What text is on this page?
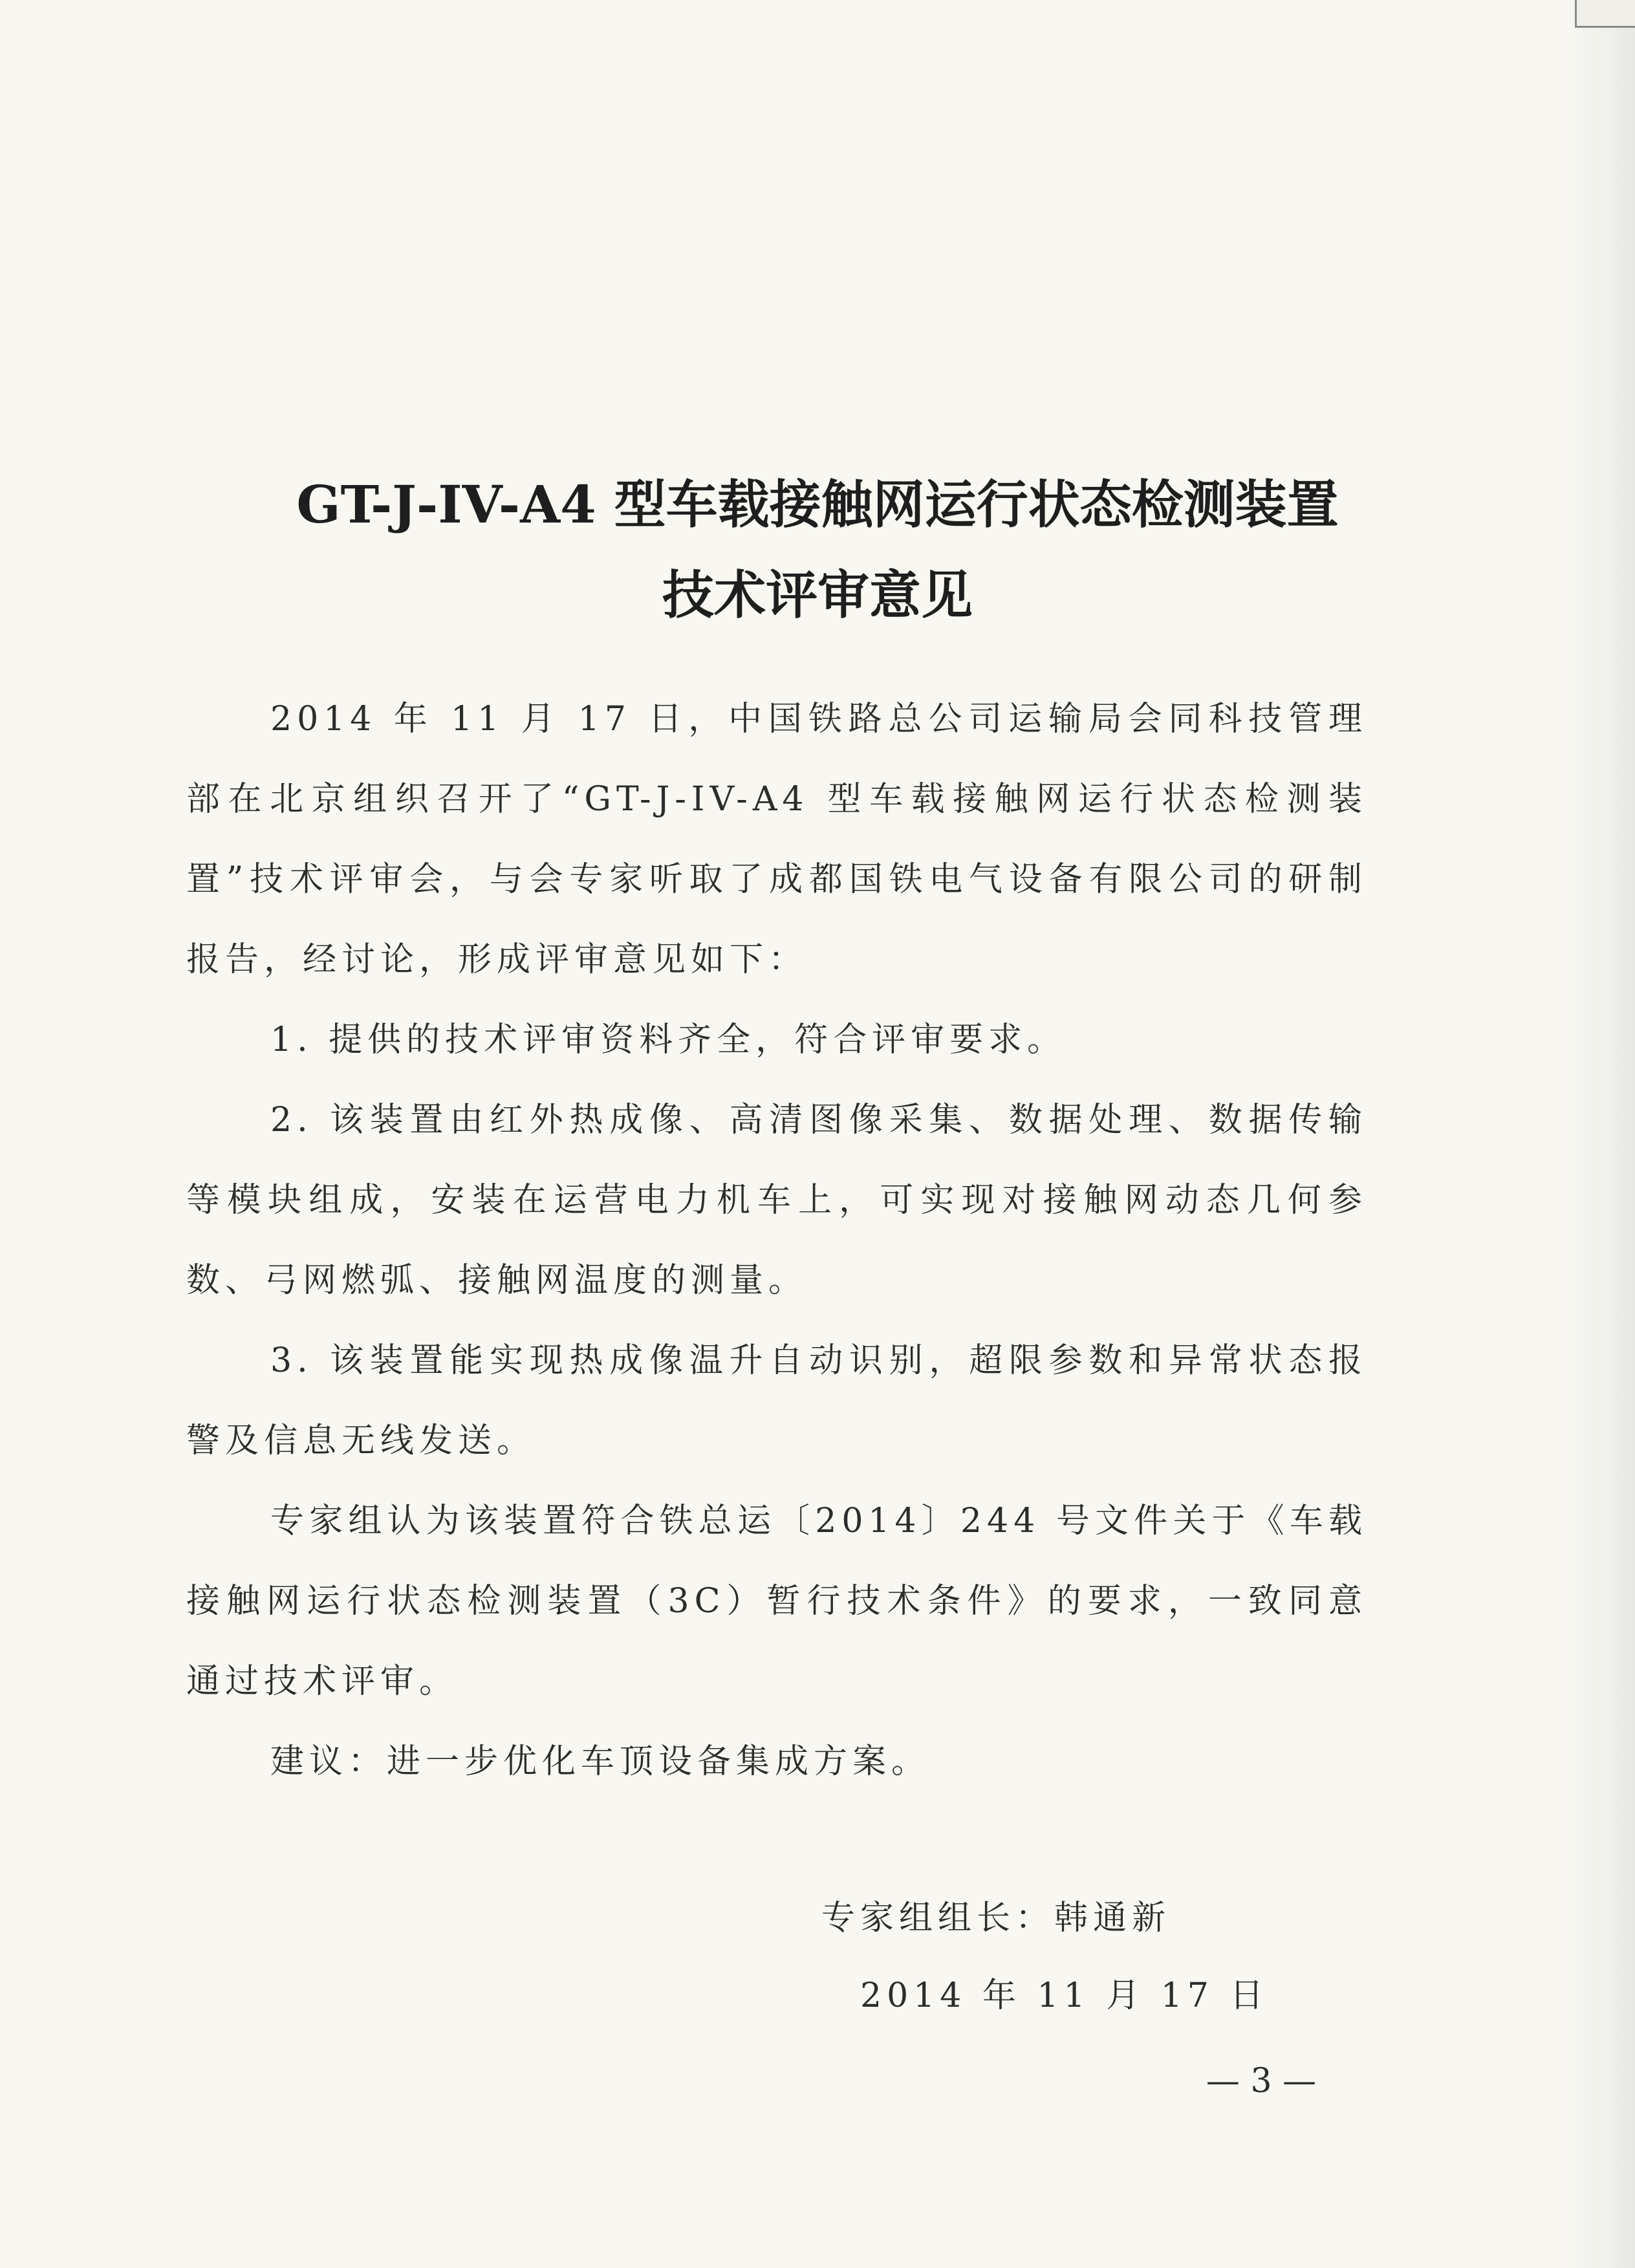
GT-J-IV-A4 型车载接触网运行状态检测装置
技术评审意见

2014 年 11 月 17 日，中国铁路总公司运输局会同科技管理部在北京组织召开了“GT-J-IV-A4 型车载接触网运行状态检测装置”技术评审会，与会专家听取了成都国铁电气设备有限公司的研制报告，经讨论，形成评审意见如下：

1. 提供的技术评审资料齐全，符合评审要求。

2. 该装置由红外热成像、高清图像采集、数据处理、数据传输等模块组成，安装在运营电力机车上，可实现对接触网动态几何参数、弓网燃弧、接触网温度的测量。

3. 该装置能实现热成像温升自动识别，超限参数和异常状态报警及信息无线发送。

专家组认为该装置符合铁总运〔2014〕244 号文件关于《车载接触网运行状态检测装置（3C）暂行技术条件》的要求，一致同意通过技术评审。

建议：进一步优化车顶设备集成方案。

专家组组长：韩通新

2014 年 11 月 17 日

— 3 —
